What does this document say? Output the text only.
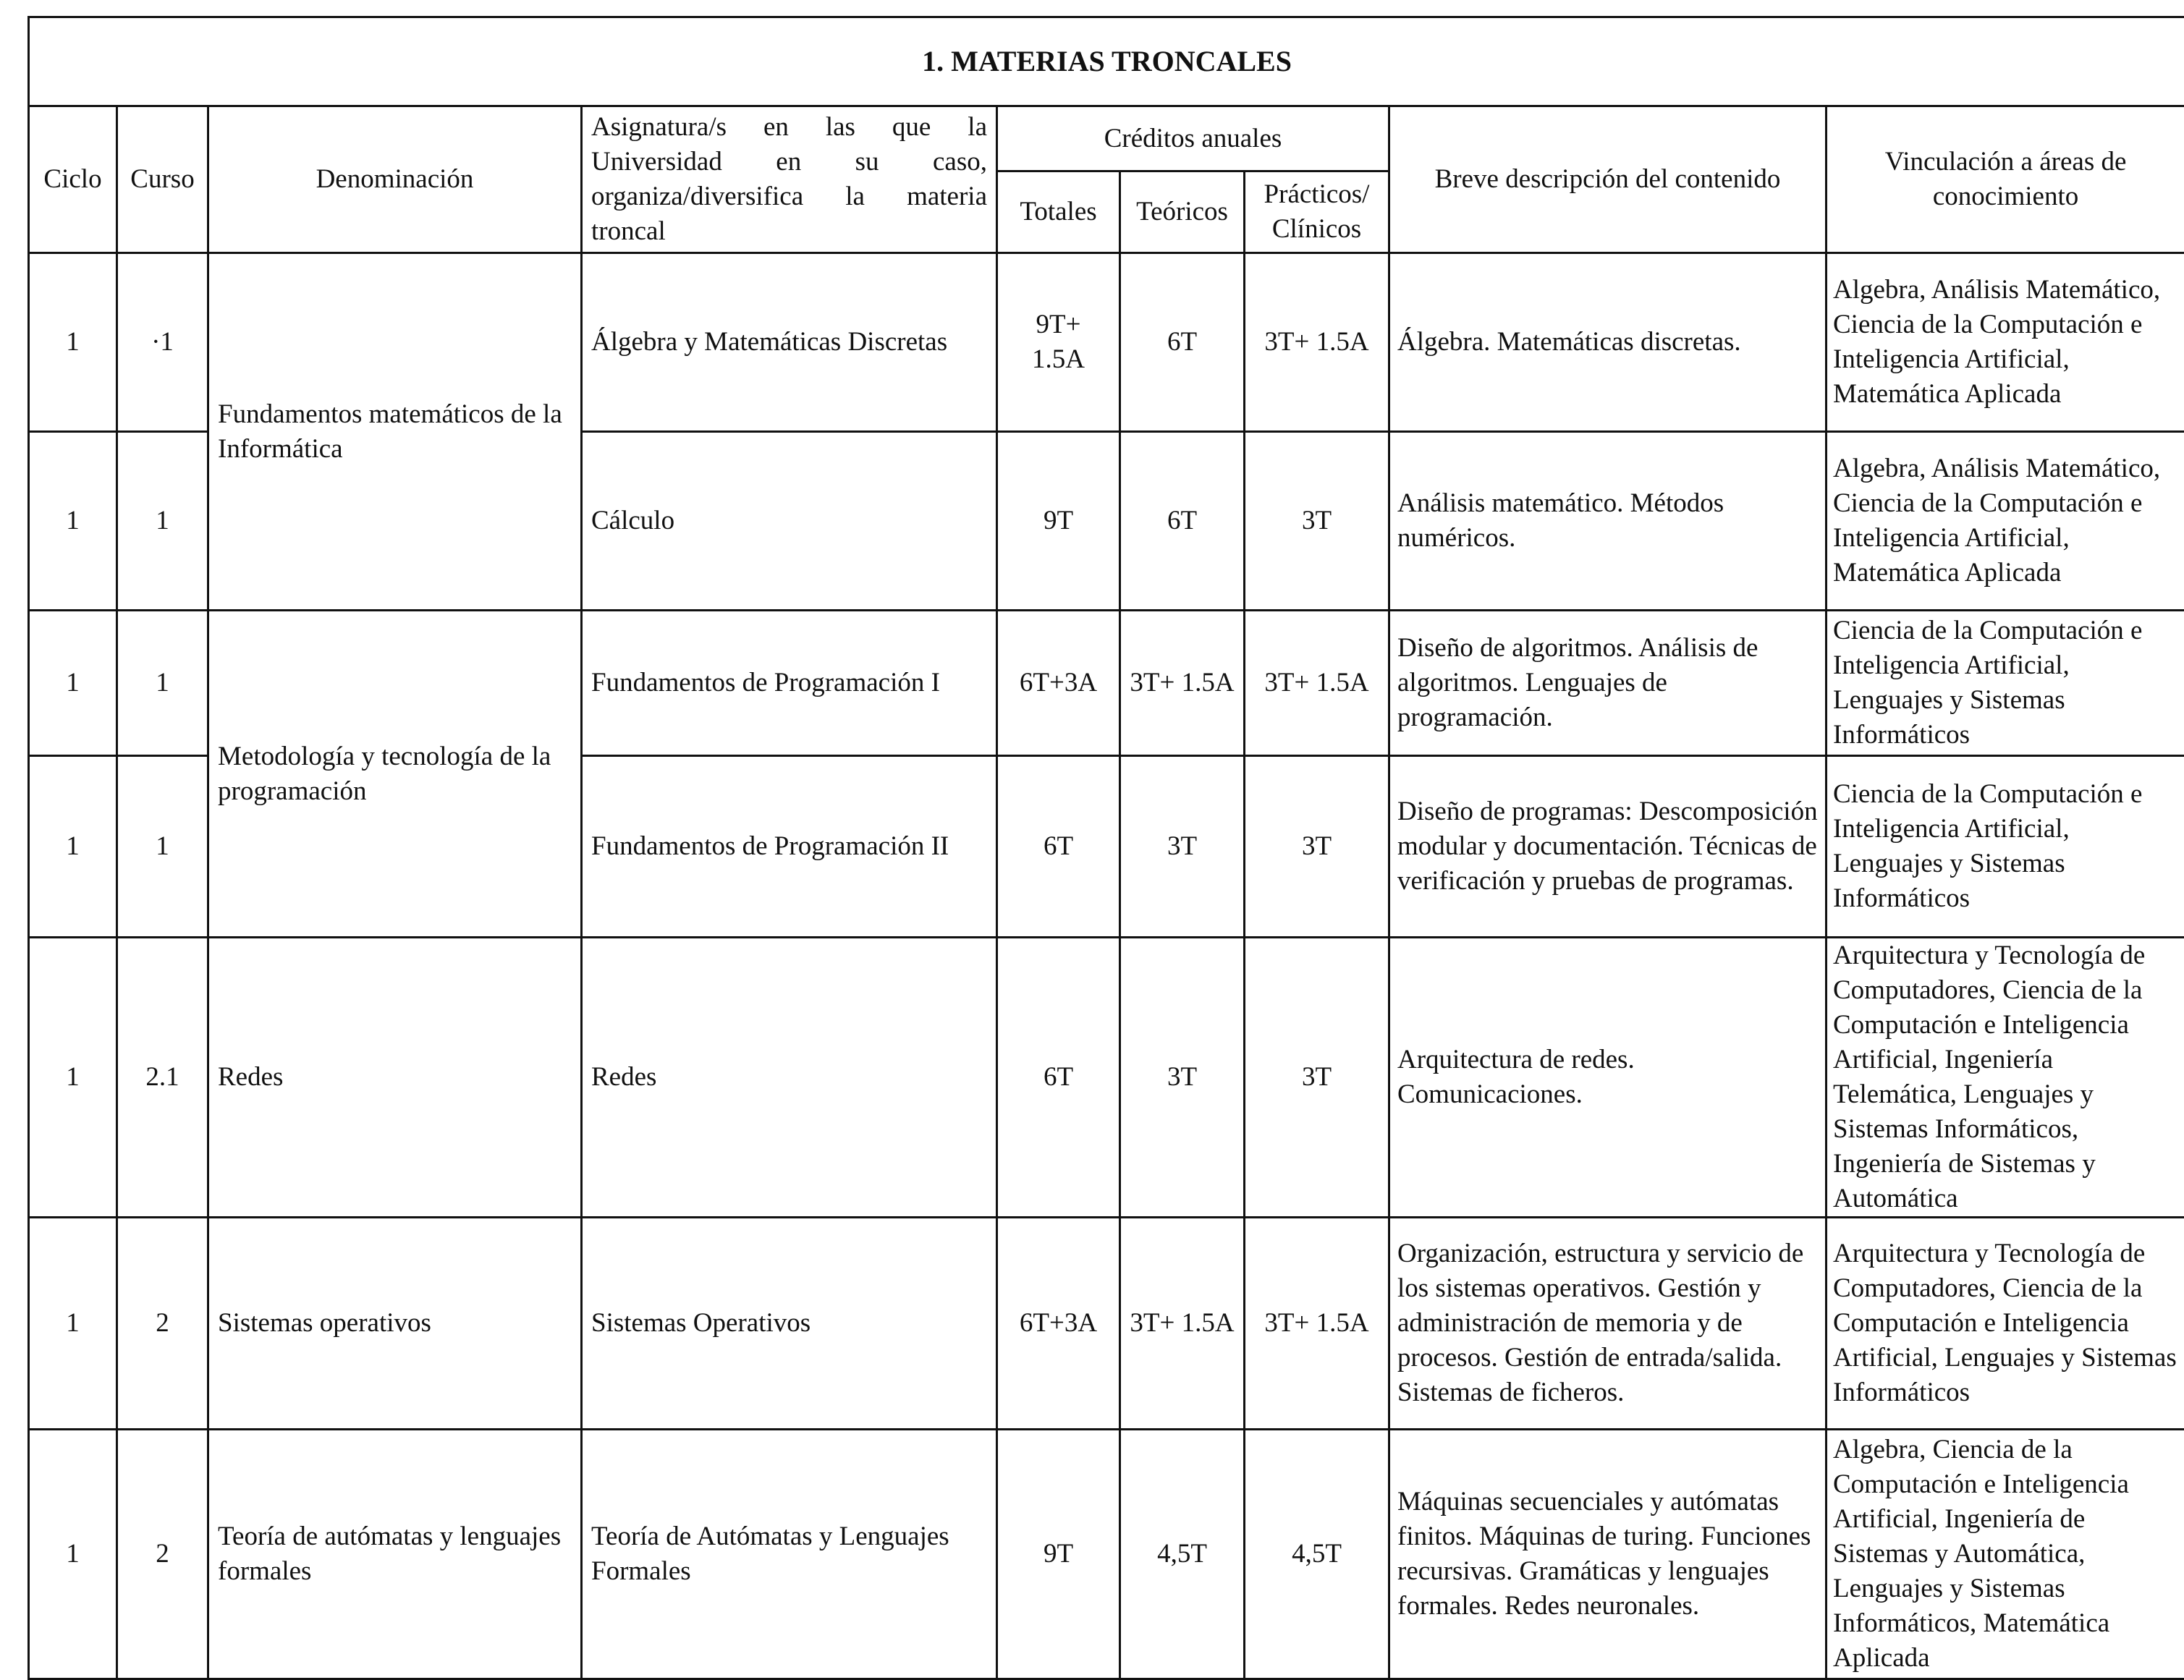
1. MATERIAS TRONCALES								
Ciclo	Curso	Denominación	Asignatura/s en las que la Universidad en su caso, organiza/diversifica la materia troncal	Créditos anuales			Breve descripción del contenido	Vinculación a áreas de conocimiento
				Totales	Teóricos	Prácticos/ Clínicos		
1	·1	Fundamentos matemáticos de la Informática	Álgebra y Matemáticas Discretas	9T+ 1.5A	6T	3T+ 1.5A	Álgebra. Matemáticas discretas.	Algebra, Análisis Matemático, Ciencia de la Computación e Inteligencia Artificial, Matemática Aplicada
1	1		Cálculo	9T	6T	3T	Análisis matemático. Métodos numéricos.	Algebra, Análisis Matemático, Ciencia de la Computación e Inteligencia Artificial, Matemática Aplicada
1	1	Metodología y tecnología de la programación	Fundamentos de Programación I	6T+3A	3T+ 1.5A	3T+ 1.5A	Diseño de algoritmos. Análisis de algoritmos. Lenguajes de programación.	Ciencia de la Computación e Inteligencia Artificial, Lenguajes y Sistemas Informáticos
1	1		Fundamentos de Programación II	6T	3T	3T	Diseño de programas: Descomposición modular y documentación. Técnicas de verificación y pruebas de programas.	Ciencia de la Computación e Inteligencia Artificial, Lenguajes y Sistemas Informáticos
1	2.1	Redes	Redes	6T	3T	3T	Arquitectura de redes. Comunicaciones.	Arquitectura y Tecnología de Computadores, Ciencia de la Computación e Inteligencia Artificial, Ingeniería Telemática, Lenguajes y Sistemas Informáticos, Ingeniería de Sistemas y Automática
1	2	Sistemas operativos	Sistemas Operativos	6T+3A	3T+ 1.5A	3T+ 1.5A	Organización, estructura y servicio de los sistemas operativos. Gestión y administración de memoria y de procesos. Gestión de entrada/salida. Sistemas de ficheros.	Arquitectura y Tecnología de Computadores, Ciencia de la Computación e Inteligencia Artificial, Lenguajes y Sistemas Informáticos
1	2	Teoría de autómatas y lenguajes formales	Teoría de Autómatas y Lenguajes Formales	9T	4,5T	4,5T	Máquinas secuenciales y autómatas finitos. Máquinas de turing. Funciones recursivas. Gramáticas y lenguajes formales. Redes neuronales.	Algebra, Ciencia de la Computación e Inteligencia Artificial, Ingeniería de Sistemas y Automática, Lenguajes y Sistemas Informáticos, Matemática Aplicada
